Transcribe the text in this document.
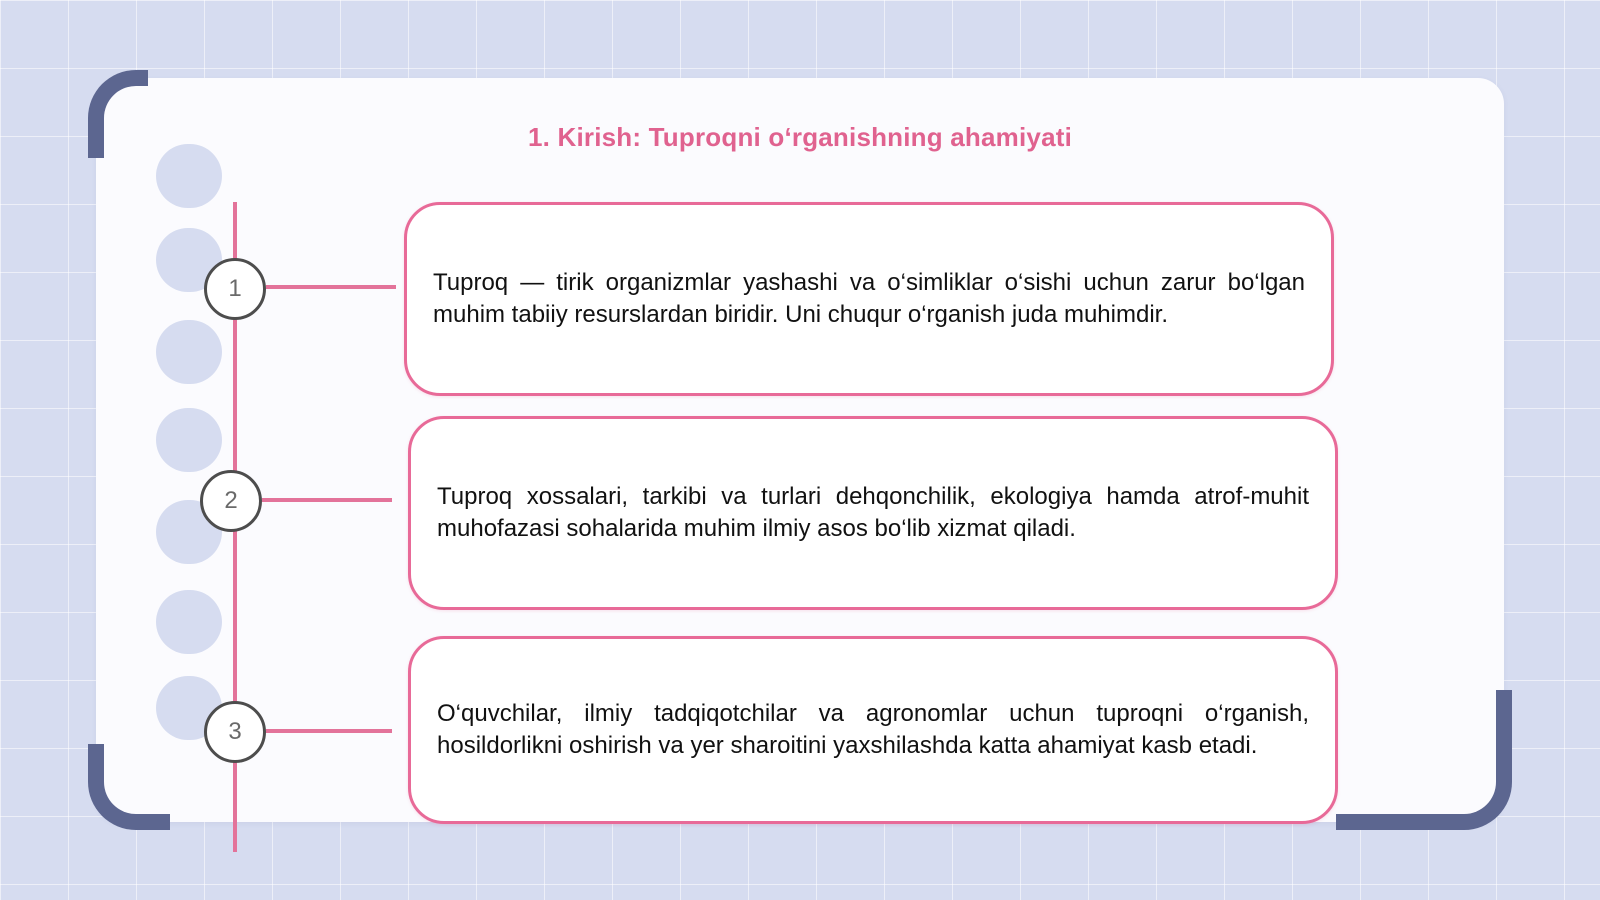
1. Kirish: Tuproqni o‘rganishning ahamiyati
1
2
3
Tuproq — tirik organizmlar yashashi va o‘simliklar o‘sishi uchun zarur bo‘lgan muhim tabiiy resurslardan biridir. Uni chuqur o‘rganish juda muhimdir.
Tuproq xossalari, tarkibi va turlari dehqonchilik, ekologiya hamda atrof-muhit muhofazasi sohalarida muhim ilmiy asos bo‘lib xizmat qiladi.
O‘quvchilar, ilmiy tadqiqotchilar va agronomlar uchun tuproqni o‘rganish, hosildorlikni oshirish va yer sharoitini yaxshilashda katta ahamiyat kasb etadi.
